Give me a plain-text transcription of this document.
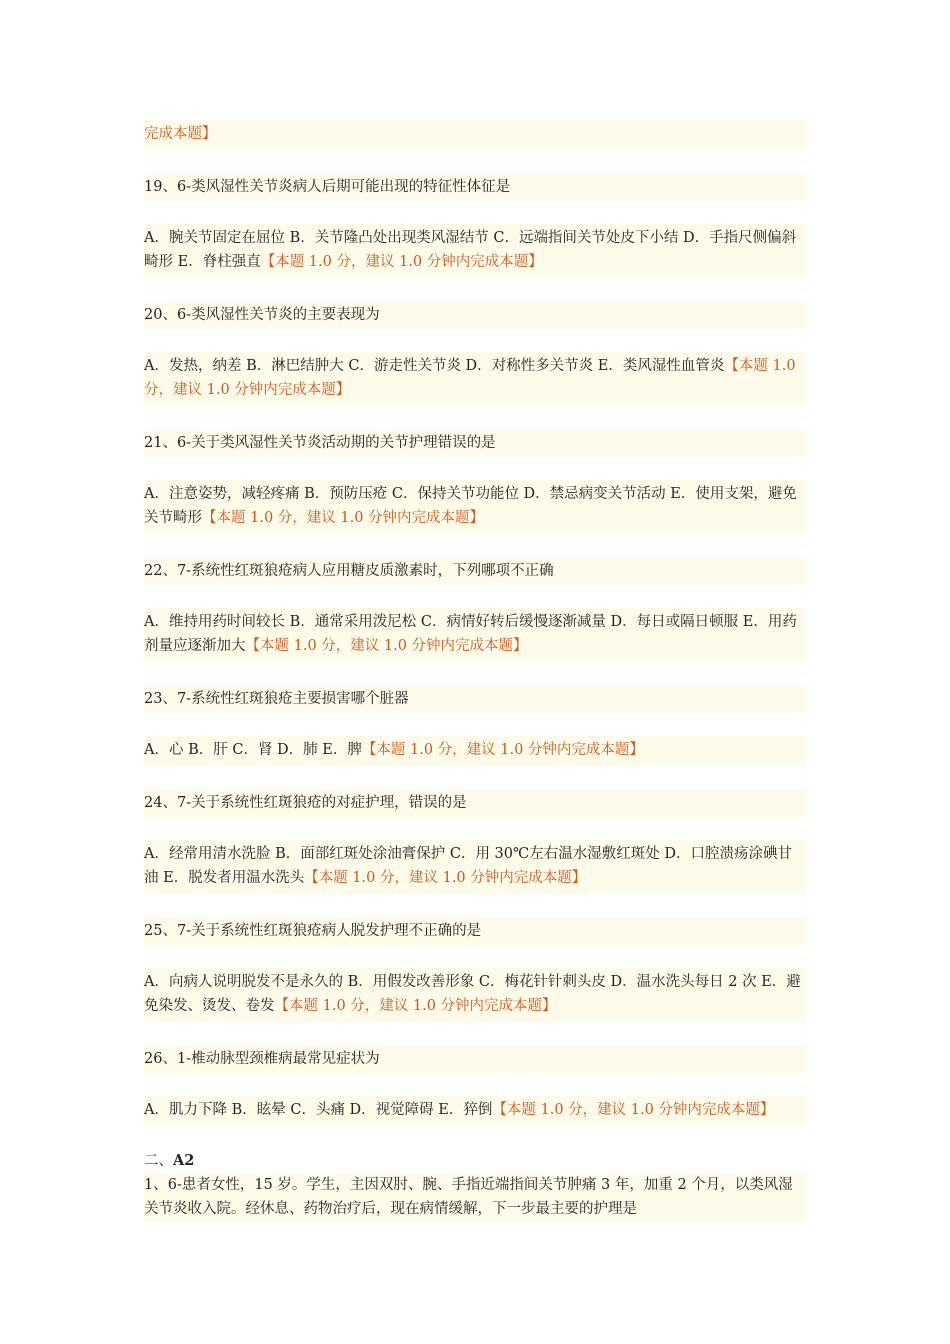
完成本题】
19、6-类风湿性关节炎病人后期可能出现的特征性体征是
A．腕关节固定在屈位 B．关节隆凸处出现类风湿结节 C．远端指间关节处皮下小结 D．手指尺侧偏斜畸形 E．脊柱强直【本题 1.0 分，建议 1.0 分钟内完成本题】
20、6-类风湿性关节炎的主要表现为
A．发热，纳差 B．淋巴结肿大 C．游走性关节炎 D．对称性多关节炎 E．类风湿性血管炎【本题 1.0 分，建议 1.0 分钟内完成本题】
21、6-关于类风湿性关节炎活动期的关节护理错误的是
A．注意姿势，减轻疼痛 B．预防压疮 C．保持关节功能位 D．禁忌病变关节活动 E．使用支架，避免关节畸形【本题 1.0 分，建议 1.0 分钟内完成本题】
22、7-系统性红斑狼疮病人应用糖皮质激素时，下列哪项不正确
A．维持用药时间较长 B．通常采用泼尼松 C．病情好转后缓慢逐渐减量 D．每日或隔日顿服 E．用药剂量应逐渐加大【本题 1.0 分，建议 1.0 分钟内完成本题】
23、7-系统性红斑狼疮主要损害哪个脏器
A．心 B．肝 C．肾 D．肺 E．脾【本题 1.0 分，建议 1.0 分钟内完成本题】
24、7-关于系统性红斑狼疮的对症护理，错误的是
A．经常用清水洗脸 B．面部红斑处涂油膏保护 C．用 30℃左右温水湿敷红斑处 D．口腔溃疡涂碘甘油 E．脱发者用温水洗头【本题 1.0 分，建议 1.0 分钟内完成本题】
25、7-关于系统性红斑狼疮病人脱发护理不正确的是
A．向病人说明脱发不是永久的 B．用假发改善形象 C．梅花针针刺头皮 D．温水洗头每日 2 次 E．避免染发、烫发、卷发【本题 1.0 分，建议 1.0 分钟内完成本题】
26、1-椎动脉型颈椎病最常见症状为
A．肌力下降 B．眩晕 C．头痛 D．视觉障碍 E．猝倒【本题 1.0 分，建议 1.0 分钟内完成本题】
二、A2
1、6-患者女性，15 岁。学生，主因双肘、腕、手指近端指间关节肿痛 3 年，加重 2 个月，以类风湿关节炎收入院。经休息、药物治疗后，现在病情缓解，下一步最主要的护理是
